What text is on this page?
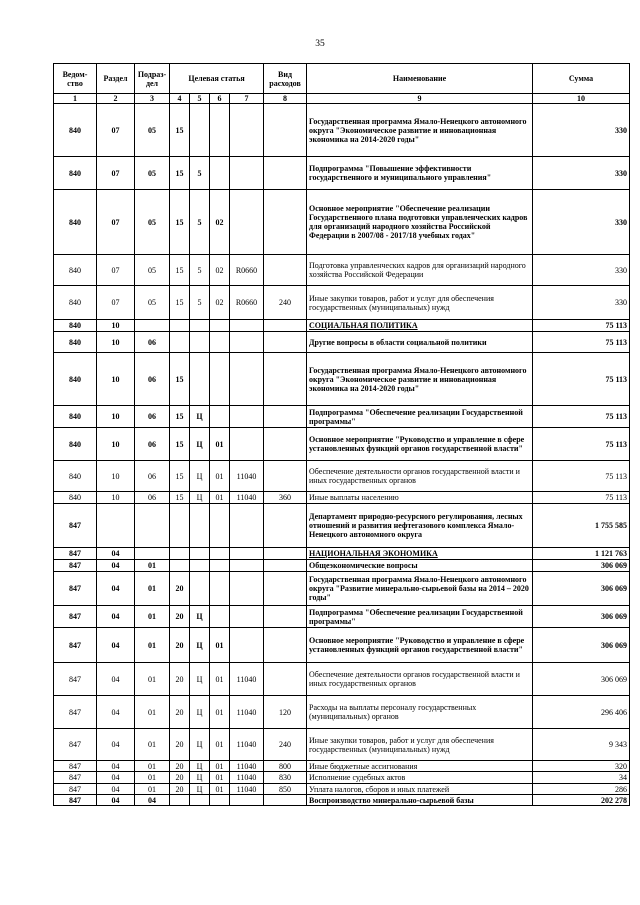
35
Ведом-ство	Раздел	Подраз-дел	Целевая статья				Вид расходов	Наименование	Сумма
1	2	3	4	5	6	7	8	9	10
840	07	05	15					Государственная программа Ямало-Ненецкого автономного округа "Экономическое развитие и инновационная экономика на 2014-2020 годы"	330
840	07	05	15	5				Подпрограмма "Повышение эффективности государственного и муниципального управления"	330
840	07	05	15	5	02			Основное мероприятие "Обеспечение реализации Государственного плана подготовки управленческих кадров для организаций народного хозяйства Российской Федерации в 2007/08 - 2017/18 учебных годах"	330
840	07	05	15	5	02	R0660		Подготовка управленческих кадров для организаций народного хозяйства Российской Федерации	330
840	07	05	15	5	02	R0660	240	Иные закупки товаров, работ и услуг для обеспечения государственных (муниципальных) нужд	330
840	10							СОЦИАЛЬНАЯ ПОЛИТИКА	75 113
840	10	06						Другие вопросы в области социальной политики	75 113
840	10	06	15					Государственная программа Ямало-Ненецкого автономного округа "Экономическое развитие и инновационная экономика на 2014-2020 годы"	75 113
840	10	06	15	Ц				Подпрограмма "Обеспечение реализации Государственной программы"	75 113
840	10	06	15	Ц	01			Основное мероприятие "Руководство и управление в сфере установленных функций органов государственной власти"	75 113
840	10	06	15	Ц	01	11040		Обеспечение деятельности органов государственной власти и иных государственных органов	75 113
840	10	06	15	Ц	01	11040	360	Иные выплаты населению	75 113
847								Департамент природно-ресурсного регулирования, лесных отношений и развития нефтегазового комплекса Ямало-Ненецкого автономного округа	1 755 585
847	04							НАЦИОНАЛЬНАЯ ЭКОНОМИКА	1 121 763
847	04	01						Общеэкономические вопросы	306 069
847	04	01	20					Государственная программа Ямало-Ненецкого автономного округа "Развитие минерально-сырьевой базы на 2014 – 2020 годы"	306 069
847	04	01	20	Ц				Подпрограмма "Обеспечение реализации Государственной программы"	306 069
847	04	01	20	Ц	01			Основное мероприятие "Руководство и управление в сфере установленных функций органов государственной власти"	306 069
847	04	01	20	Ц	01	11040		Обеспечение деятельности органов государственной власти и иных государственных органов	306 069
847	04	01	20	Ц	01	11040	120	Расходы на выплаты персоналу государственных (муниципальных) органов	296 406
847	04	01	20	Ц	01	11040	240	Иные закупки товаров, работ и услуг для обеспечения государственных (муниципальных) нужд	9 343
847	04	01	20	Ц	01	11040	800	Иные бюджетные ассигнования	320
847	04	01	20	Ц	01	11040	830	Исполнение судебных актов	34
847	04	01	20	Ц	01	11040	850	Уплата налогов, сборов и иных платежей	286
847	04	04						Воспроизводство минерально-сырьевой базы	202 278
